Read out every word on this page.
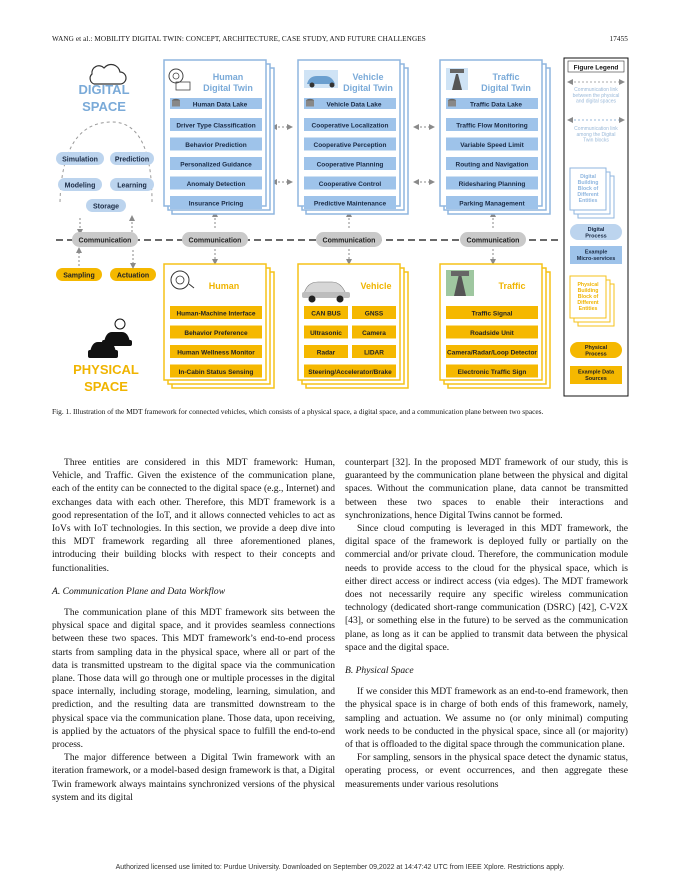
WANG et al.: MOBILITY DIGITAL TWIN: CONCEPT, ARCHITECTURE, CASE STUDY, AND FUTURE CHALLENGES	17455
DIGITAL
SPACE
Simulation Prediction
Modeling	Learning
Storage
Communication	Communication	Communication	Communication
Human
Digital Twin
Human Data Lake
Driver Type Classification
Behavior Prediction
Personalized Guidance
Anomaly Detection
Insurance Pricing
Vehicle
Digital Twin
Vehicle Data Lake
Cooperative Localization
Cooperative Perception
Cooperative Planning
Cooperative Control
Predictive Maintenance
Traffic
Digital Twin
Traffic Data Lake
Traffic Flow Monitoring
Variable Speed Limit
Routing and Navigation
Ridesharing Planning
Parking Management
Sampling	Actuation
PHYSICAL
SPACE
Human
Human-Machine Interface
Behavior Preference
Human Wellness Monitor
In-Cabin Status Sensing
Vehicle
CAN BUS	GNSS
Ultrasonic	Camera
Radar	LIDAR
Steering/Accelerator/Brake
Traffic
Traffic Signal
Roadside Unit
Camera/Radar/Loop Detector
Electronic Traffic Sign
Figure Legend
Communication link between the physical and digital spaces
Communication link among the Digital Twin blocks
Digital Building Block of Different Entities
Digital Process
Example Micro-services
Physical Building Block of Different Entities
Physical Process
Example Data Sources
Fig. 1. Illustration of the MDT framework for connected vehicles, which consists of a physical space, a digital space, and a communication plane between two spaces.

Three entities are considered in this MDT framework: Human, Vehicle, and Traffic. Given the existence of the communication plane, each of the entity can be connected to the digital space (e.g., Internet) and exchanges data with each other. Therefore, this MDT framework is a good representation of the IoT, and it allows connected vehicles to act as IoVs with IoT technologies. In this section, we provide a deep dive into this MDT framework regarding all three aforementioned planes, introducing their building blocks with respect to their concepts and functionalities.

A. Communication Plane and Data Workflow

The communication plane of this MDT framework sits between the physical space and digital space, and it provides seamless connections between these two spaces. This MDT framework’s end-to-end process starts from sampling data in the physical space, where all or part of the data is transmitted upstream to the digital space via the communication plane. Those data will go through one or multiple processes in the digital space internally, including storage, modeling, learning, simulation, and prediction, and the resulting data are transmitted downstream to the physical space via the communication plane. Those data, upon receiving, is applied by the actuators of the physical space to fulfill the end-to-end process.

The major difference between a Digital Twin framework with an iteration framework, or a model-based design framework is that, a Digital Twin framework always maintains synchronized versions of the physical system and its digital

counterpart [32]. In the proposed MDT framework of our study, this is guaranteed by the communication plane between the physical and digital spaces. Without the communication plane, data cannot be transmitted between these two spaces to enable their interactions and synchronizations, hence Digital Twins cannot be formed.

Since cloud computing is leveraged in this MDT framework, the digital space of the framework is deployed fully or partially on the commercial and/or private cloud. Therefore, the communication module needs to provide access to the cloud for the physical space, which is either direct access or indirect access (via edges). The MDT framework does not necessarily require any specific wireless communication technology (dedicated short-range communication (DSRC) [42], C-V2X [43], or something else in the future) to be served as the communication plane, as long as it can be applied to transmit data between the physical space and the digital space.

B. Physical Space

If we consider this MDT framework as an end-to-end framework, then the physical space is in charge of both ends of this framework, namely, sampling and actuation. We assume no (or only minimal) computing work needs to be conducted in the physical space, since all (or majority) of that is offloaded to the digital space through the communication plane.

For sampling, sensors in the physical space detect the dynamic status, operating process, or event occurrences, and then aggregate these measurements under various resolutions

Authorized licensed use limited to: Purdue University. Downloaded on September 09,2022 at 14:47:42 UTC from IEEE Xplore. Restrictions apply.
